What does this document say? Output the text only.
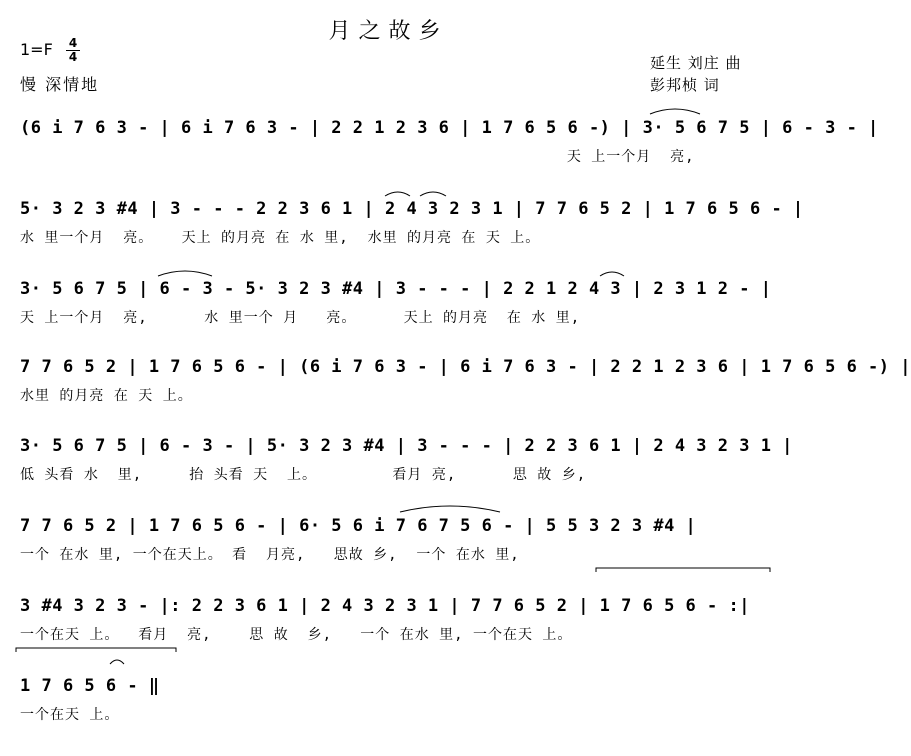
月之故乡
1=F 4
4
慢 深情地
延生 刘庄 曲
彭邦桢 词
(6 i 7 6 3 - | 6 i 7 6 3 - | 2 2 1 2 3 6 | 1 7 6 5 6 -) | 3· 5 6 7 5 | 6 - 3 - |
天 上一个月  亮,
5· 3 2 3 #4 | 3 - - - 2 2 3 6 1 | 2 4 3 2 3 1 | 7 7 6 5 2 | 1 7 6 5 6 - |
水 里一个月  亮。   天上 的月亮 在 水 里,  水里 的月亮 在 天 上。
3· 5 6 7 5 | 6 - 3 - 5· 3 2 3 #4 | 3 - - - | 2 2 1 2 4 3 | 2 3 1 2 - |
天 上一个月  亮,      水 里一个 月   亮。     天上 的月亮  在 水 里,
7 7 6 5 2 | 1 7 6 5 6 - | (6 i 7 6 3 - | 6 i 7 6 3 - | 2 2 1 2 3 6 | 1 7 6 5 6 -) |
水里 的月亮 在 天 上。
3· 5 6 7 5 | 6 - 3 - | 5· 3 2 3 #4 | 3 - - - | 2 2 3 6 1 | 2 4 3 2 3 1 |
低 头看 水  里,     抬 头看 天  上。        看月 亮,      思 故 乡,
7 7 6 5 2 | 1 7 6 5 6 - | 6· 5 6 i 7 6 7 5 6 - | 5 5 3 2 3 #4 |
一个 在水 里, 一个在天上。 看  月亮,   思故 乡,  一个 在水 里,
3 #4 3 2 3 - |: 2 2 3 6 1 | 2 4 3 2 3 1 | 7 7 6 5 2 | 1 7 6 5 6 - :|
一个在天 上。  看月  亮,    思 故  乡,   一个 在水 里, 一个在天 上。
1 7 6 5 6 - ‖
一个在天 上。
